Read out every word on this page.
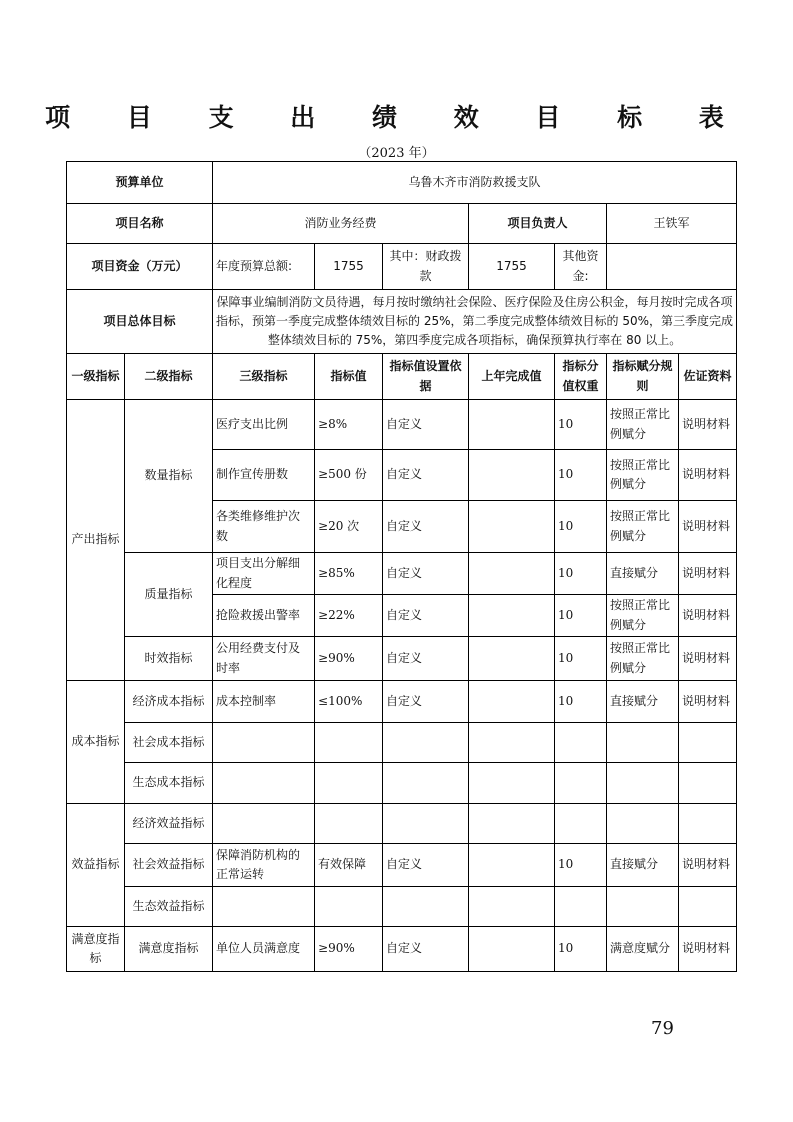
项 目 支 出 绩 效 目 标 表
（2023 年）
预算单位		乌鲁木齐市消防救援支队						
项目名称		消防业务经费			项目负责人		王铁军	
项目资金（万元）		年度预算总额:	1755	其中：财政拨款	1755	其他资金:		
项目总体目标		保障事业编制消防文员待遇，每月按时缴纳社会保险、医疗保险及住房公积金，每月按时完成各项指标，预第一季度完成整体绩效目标的 25%，第二季度完成整体绩效目标的 50%，第三季度完成整体绩效目标的 75%，第四季度完成各项指标，确保预算执行率在 80 以上。						
一级指标	二级指标	三级指标	指标值	指标值设置依据	上年完成值	指标分值权重	指标赋分规则	佐证资料
产出指标	数量指标	医疗支出比例	≥8%	自定义		10	按照正常比例赋分	说明材料
		制作宣传册数	≥500 份	自定义		10	按照正常比例赋分	说明材料
		各类维修维护次数	≥20 次	自定义		10	按照正常比例赋分	说明材料
	质量指标	项目支出分解细化程度	≥85%	自定义		10	直接赋分	说明材料
		抢险救援出警率	≥22%	自定义		10	按照正常比例赋分	说明材料
	时效指标	公用经费支付及时率	≥90%	自定义		10	按照正常比例赋分	说明材料
成本指标	经济成本指标	成本控制率	≤100%	自定义		10	直接赋分	说明材料
	社会成本指标							
	生态成本指标							
效益指标	经济效益指标							
	社会效益指标	保障消防机构的正常运转	有效保障	自定义		10	直接赋分	说明材料
	生态效益指标							
满意度指标	满意度指标	单位人员满意度	≥90%	自定义		10	满意度赋分	说明材料
79
